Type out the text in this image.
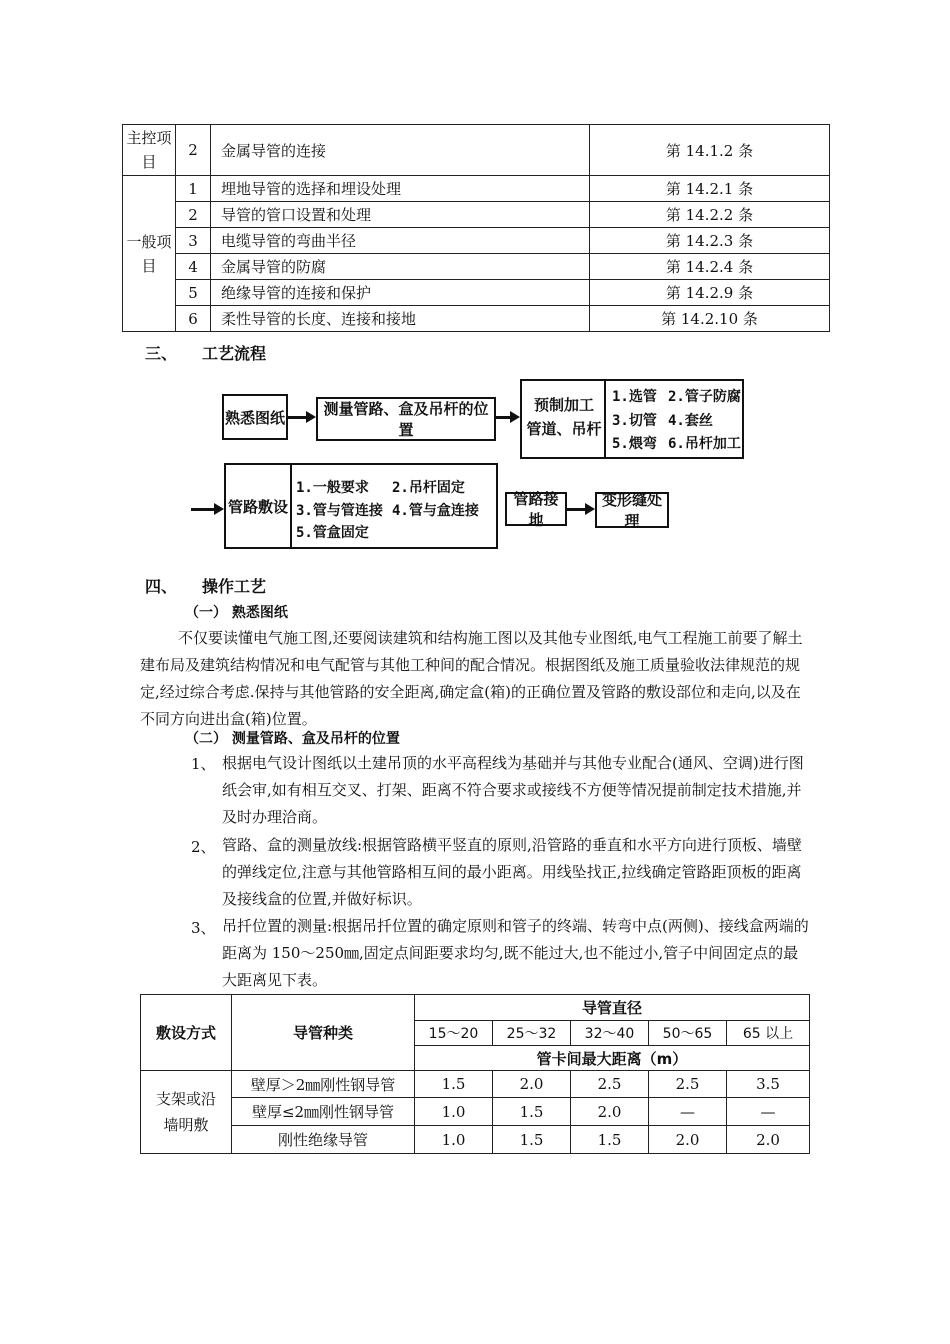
主控项目	2	金属导管的连接	第 14.1.2 条
一般项目	1	埋地导管的选择和埋设处理	第 14.2.1 条
	2	导管的管口设置和处理	第 14.2.2 条
	3	电缆导管的弯曲半径	第 14.2.3 条
	4	金属导管的防腐	第 14.2.4 条
	5	绝缘导管的连接和保护	第 14.2.9 条
	6	柔性导管的长度、连接和接地	第 14.2.10 条
三、 工艺流程
熟悉图纸	测量管路、盒及吊杆的位置
预制加工
管道、吊杆
1.选管 2.管子防腐
3.切管 4.套丝
5.煨弯 6.吊杆加工
管路敷设
1.一般要求 2.吊杆固定
3.管与管连接 4.管与盒连接
5.管盒固定
管路接地
变形缝处理
四、 操作工艺
（一） 熟悉图纸

不仅要读懂电气施工图,还要阅读建筑和结构施工图以及其他专业图纸,电气工程施工前要了解土建布局及建筑结构情况和电气配管与其他工种间的配合情况。根据图纸及施工质量验收法律规范的规定,经过综合考虑.保持与其他管路的安全距离,确定盒(箱)的正确位置及管路的敷设部位和走向,以及在不同方向进出盒(箱)位置。

（二） 测量管路、盒及吊杆的位置
1、 根据电气设计图纸以土建吊顶的水平高程线为基础并与其他专业配合(通风、空调)进行图纸会审,如有相互交叉、打架、距离不符合要求或接线不方便等情况提前制定技术措施,并及时办理洽商。

2、 管路、盒的测量放线:根据管路横平竖直的原则,沿管路的垂直和水平方向进行顶板、墙壁的弹线定位,注意与其他管路相互间的最小距离。用线坠找正,拉线确定管路距顶板的距离及接线盒的位置,并做好标识。

3、 吊扦位置的测量:根据吊扦位置的确定原则和管子的终端、转弯中点(两侧)、接线盒两端的距离为 150～250㎜,固定点间距要求均匀,既不能过大,也不能过小,管子中间固定点的最大距离见下表。

敷设方式	导管种类	导管直径				
		15～20	25～32	32～40	50～65	65 以上
		管卡间最大距离（m）				
支架或沿墙明敷	壁厚＞2㎜刚性钢导管	1.5	2.0	2.5	2.5	3.5
	壁厚≤2㎜刚性钢导管	1.0	1.5	2.0	—	—
	刚性绝缘导管	1.0	1.5	1.5	2.0	2.0
